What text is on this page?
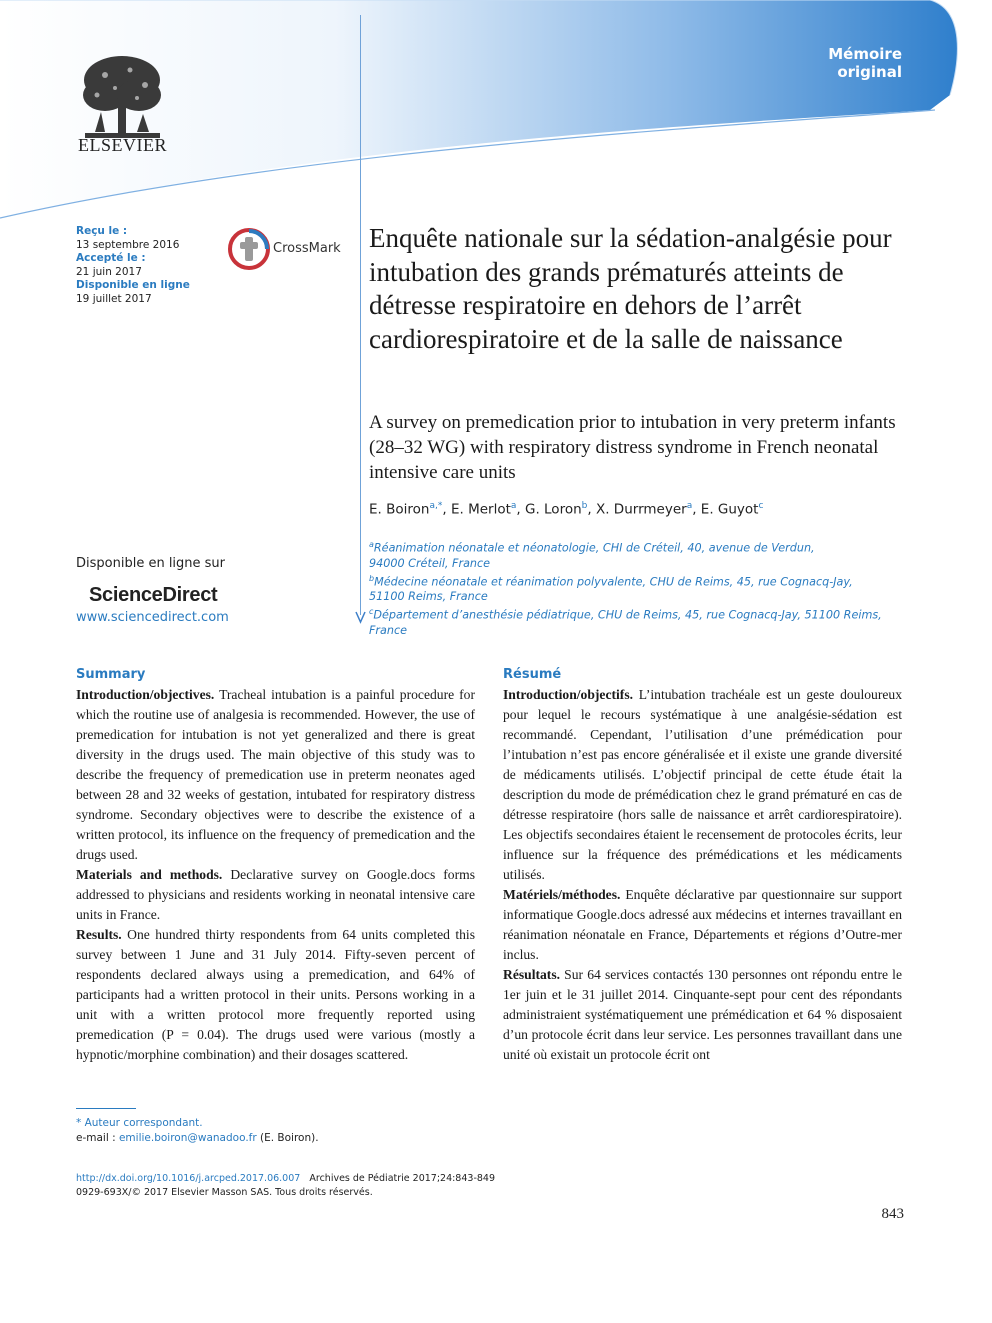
Mémoire original
ELSEVIER
Reçu le :
13 septembre 2016
Accepté le :
21 juin 2017
Disponible en ligne
19 juillet 2017
CrossMark Enquête nationale sur la sédation-analgésie pour intubation des grands prématurés atteints de détresse respiratoire en dehors de l’arrêt cardiorespiratoire et de la salle de naissance
A survey on premedication prior to intubation in very preterm infants (28–32 WG) with respiratory distress syndrome in French neonatal intensive care units
E. Boiron$^{a,*}$, E. Merlot$^a$, G. Loron$^b$, X. Durrmeyer$^a$, E. Guyot$^c$
$^a$Réanimation néonatale et néonatologie, CHI de Créteil, 40, avenue de Verdun,
94000 Créteil, France
$^b$Médecine néonatale et réanimation polyvalente, CHU de Reims, 45, rue Cognacq-Jay,
51100 Reims, France
$^c$Département d’anesthésie pédiatrique, CHU de Reims, 45, rue Cognacq-Jay, 51100 Reims,
France
Disponible en ligne sur
ScienceDirect
www.sciencedirect.com
Summary

Introduction/objectives. Tracheal intubation is a painful procedure for which the routine use of analgesia is recommended. However, the use of premedication for intubation is not yet generalized and there is great diversity in the drugs used. The main objective of this study was to describe the frequency of premedication use in preterm neonates aged between 28 and 32 weeks of gestation, intubated for respiratory distress syndrome. Secondary objectives were to describe the existence of a written protocol, its influence on the frequency of premedication and the drugs used.

Materials and methods. Declarative survey on Google.docs forms addressed to physicians and residents working in neonatal intensive care units in France.

Results. One hundred thirty respondents from 64 units completed this survey between 1 June and 31 July 2014. Fifty-seven percent of respondents declared always using a premedication, and 64% of participants had a written protocol in their units. Persons working in a unit with a written protocol more frequently reported using premedication (P = 0.04). The drugs used were various (mostly a hypnotic/morphine combination) and their dosages scattered.

Résumé

Introduction/objectifs. L’intubation trachéale est un geste douloureux pour lequel le recours systématique à une analgésie-sédation est recommandé. Cependant, l’utilisation d’une prémédication pour l’intubation n’est pas encore généralisée et il existe une grande diversité de médicaments utilisés. L’objectif principal de cette étude était la description du mode de prémédication chez le grand prématuré en cas de détresse respiratoire (hors salle de naissance et arrêt cardiorespiratoire). Les objectifs secondaires étaient le recensement de protocoles écrits, leur influence sur la fréquence des prémédications et les médicaments utilisés.

Matériels/méthodes. Enquête déclarative par questionnaire sur support informatique Google.docs adressé aux médecins et internes travaillant en réanimation néonatale en France, Départements et régions d’Outre-mer inclus.

Résultats. Sur 64 services contactés 130 personnes ont répondu entre le 1er juin et le 31 juillet 2014. Cinquante-sept pour cent des répondants administraient systématiquement une prémédication et 64 % disposaient d’un protocole écrit dans leur service. Les personnes travaillant dans une unité où existait un protocole écrit ont

* Auteur correspondant.
e-mail : emilie.boiron@wanadoo.fr (E. Boiron).
http://dx.doi.org/10.1016/j.arcped.2017.06.007 Archives de Pédiatrie 2017;24:843-849
0929-693X/© 2017 Elsevier Masson SAS. Tous droits réservés.
843
